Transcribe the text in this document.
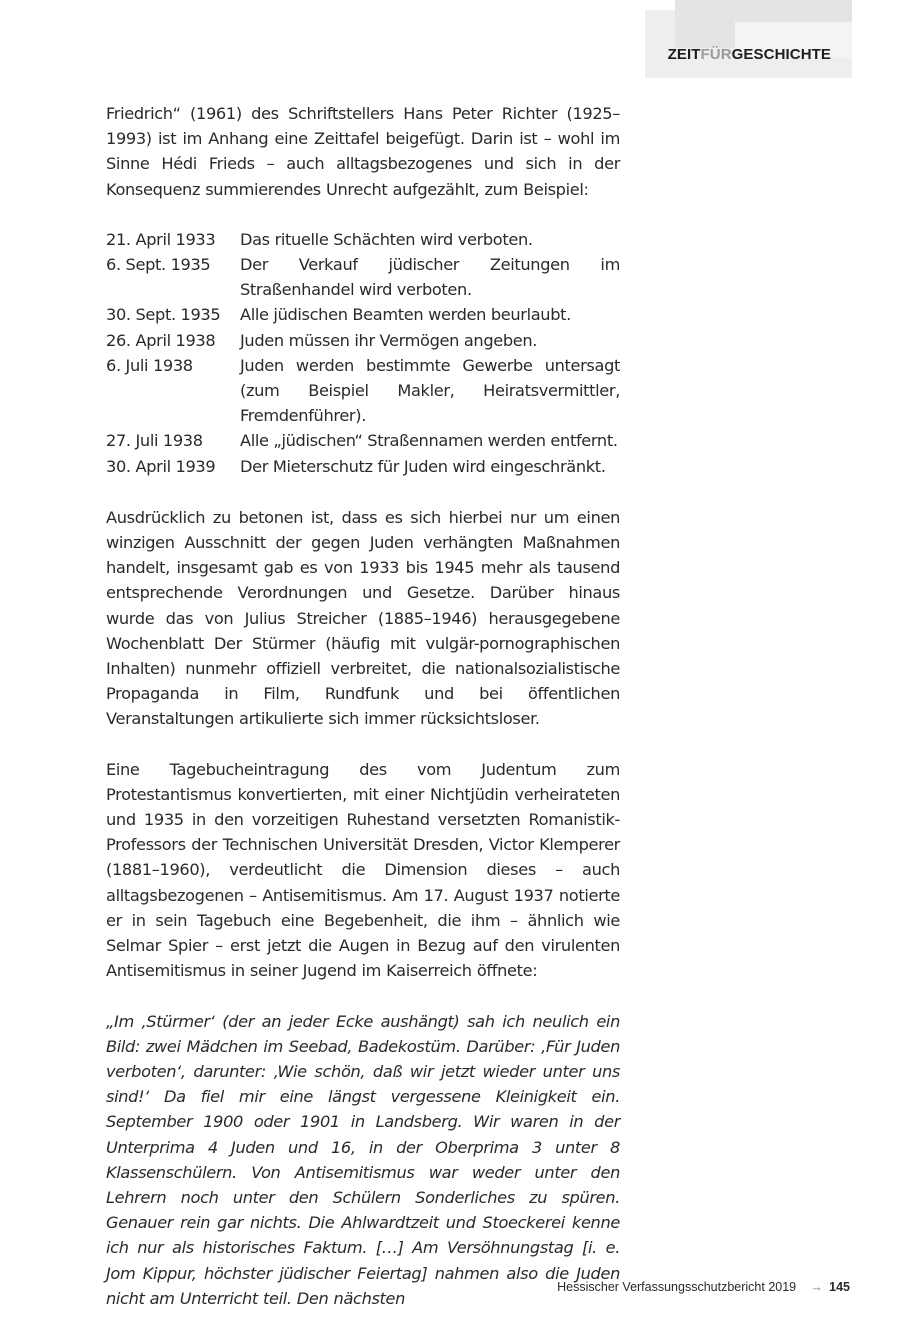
ZEITFÜRGESCHICHTE

Friedrich“ (1961) des Schriftstellers Hans Peter Richter (1925–1993) ist im Anhang eine Zeittafel beigefügt. Darin ist – wohl im Sinne Hédi Frieds – auch alltagsbezogenes und sich in der Konsequenz summierendes Unrecht aufgezählt, zum Beispiel:

21. April 1933	Das rituelle Schächten wird verboten.
6. Sept. 1935	Der Verkauf jüdischer Zeitungen im Straßenhandel wird verboten.
30. Sept. 1935	Alle jüdischen Beamten werden beurlaubt.
26. April 1938	Juden müssen ihr Vermögen angeben.
6. Juli 1938	Juden werden bestimmte Gewerbe untersagt (zum Beispiel Makler, Heiratsvermittler, Fremdenführer).
27. Juli 1938	Alle „jüdischen“ Straßennamen werden entfernt.
30. April 1939	Der Mieterschutz für Juden wird eingeschränkt.

Ausdrücklich zu betonen ist, dass es sich hierbei nur um einen winzigen Ausschnitt der gegen Juden verhängten Maßnahmen handelt, insgesamt gab es von 1933 bis 1945 mehr als tausend entsprechende Verordnungen und Gesetze. Darüber hinaus wurde das von Julius Streicher (1885–1946) herausgegebene Wochenblatt Der Stürmer (häufig mit vulgär-pornographischen Inhalten) nunmehr offiziell verbreitet, die nationalsozialistische Propaganda in Film, Rundfunk und bei öffentlichen Veranstaltungen artikulierte sich immer rücksichtsloser.

Eine Tagebucheintragung des vom Judentum zum Protestantismus konvertierten, mit einer Nichtjüdin verheirateten und 1935 in den vorzeitigen Ruhestand versetzten Romanistik-Professors der Technischen Universität Dresden, Victor Klemperer (1881–1960), verdeutlicht die Dimension dieses – auch alltagsbezogenen – Antisemitismus. Am 17. August 1937 notierte er in sein Tagebuch eine Begebenheit, die ihm – ähnlich wie Selmar Spier – erst jetzt die Augen in Bezug auf den virulenten Antisemitismus in seiner Jugend im Kaiserreich öffnete:

„Im ‚Stürmer‘ (der an jeder Ecke aushängt) sah ich neulich ein Bild: zwei Mädchen im Seebad, Badekostüm. Darüber: ‚Für Juden verboten‘, darunter: ‚Wie schön, daß wir jetzt wieder unter uns sind!‘ Da fiel mir eine längst vergessene Kleinigkeit ein. September 1900 oder 1901 in Landsberg. Wir waren in der Unterprima 4 Juden und 16, in der Oberprima 3 unter 8 Klassenschülern. Von Antisemitismus war weder unter den Lehrern noch unter den Schülern Sonderliches zu spüren. Genauer rein gar nichts. Die Ahlwardtzeit und Stoeckerei kenne ich nur als historisches Faktum. […] Am Versöhnungstag [i. e. Jom Kippur, höchster jüdischer Feiertag] nahmen also die Juden nicht am Unterricht teil. Den nächsten

Hessischer Verfassungsschutzbericht 2019 → 145
